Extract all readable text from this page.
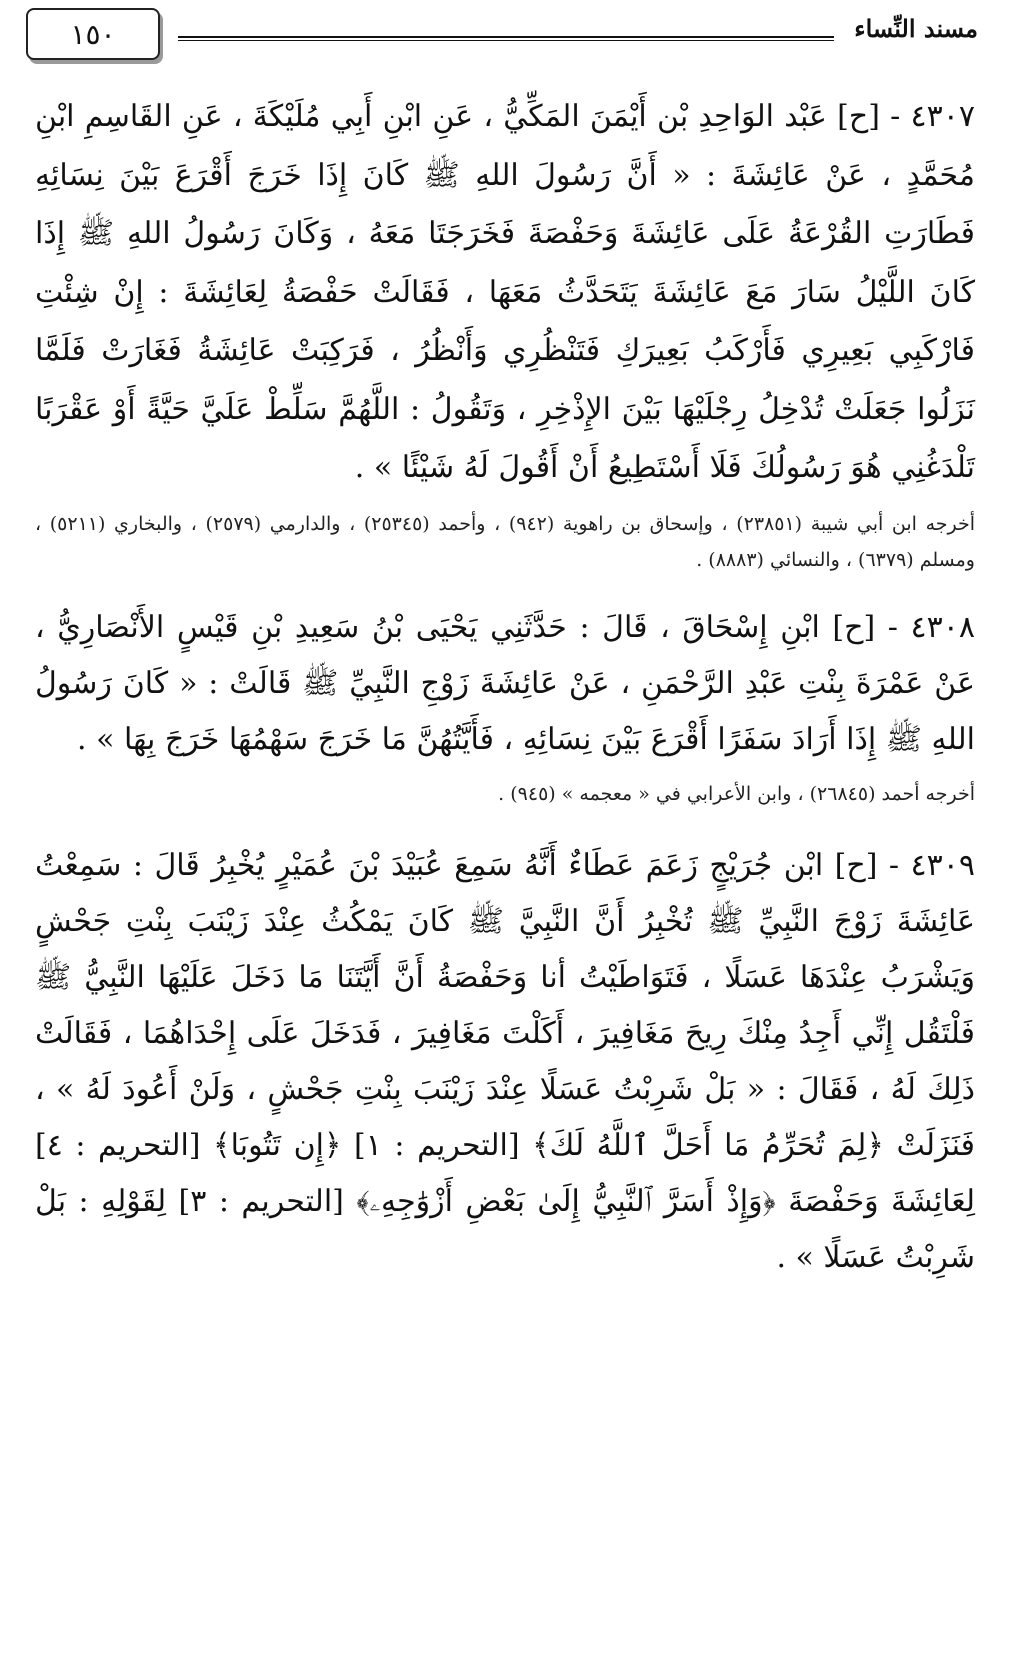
١٥٠	مسند النِّساء

٤٣٠٧ - [ح] عَبْد الوَاحِدِ بْن أَيْمَنَ المَكِّيُّ ، عَنِ ابْنِ أَبِي مُلَيْكَةَ ، عَنِ القَاسِمِ ابْنِ مُحَمَّدٍ ، عَنْ عَائِشَةَ : « أَنَّ رَسُولَ اللهِ ﷺ كَانَ إِذَا خَرَجَ أَقْرَعَ بَيْنَ نِسَائِهِ فَطَارَتِ القُرْعَةُ عَلَى عَائِشَةَ وَحَفْصَةَ فَخَرَجَتَا مَعَهُ ، وَكَانَ رَسُولُ اللهِ ﷺ إِذَا كَانَ اللَّيْلُ سَارَ مَعَ عَائِشَةَ يَتَحَدَّثُ مَعَهَا ، فَقَالَتْ حَفْصَةُ لِعَائِشَةَ : إِنْ شِئْتِ فَارْكَبِي بَعِيرِي فَأَرْكَبُ بَعِيرَكِ فَتَنْظُرِي وَأَنْظُرُ ، فَرَكِبَتْ عَائِشَةُ فَغَارَتْ فَلَمَّا نَزَلُوا جَعَلَتْ تُدْخِلُ رِجْلَيْهَا بَيْنَ الإِذْخِرِ ، وَتَقُولُ : اللَّهُمَّ سَلِّطْ عَلَيَّ حَيَّةً أَوْ عَقْرَبًا تَلْدَغُنِي هُوَ رَسُولُكَ فَلَا أَسْتَطِيعُ أَنْ أَقُولَ لَهُ شَيْئًا » .

أخرجه ابن أبي شيبة (٢٣٨٥١) ، وإسحاق بن راهوية (٩٤٢) ، وأحمد (٢٥٣٤٥) ، والدارمي (٢٥٧٩) ، والبخاري (٥٢١١) ، ومسلم (٦٣٧٩) ، والنسائي (٨٨٨٣) .

٤٣٠٨ - [ح] ابْنِ إِسْحَاقَ ، قَالَ : حَدَّثَنِي يَحْيَى بْنُ سَعِيدِ بْنِ قَيْسٍ الأَنْصَارِيُّ ، عَنْ عَمْرَةَ بِنْتِ عَبْدِ الرَّحْمَنِ ، عَنْ عَائِشَةَ زَوْجِ النَّبِيِّ ﷺ قَالَتْ : « كَانَ رَسُولُ اللهِ ﷺ إِذَا أَرَادَ سَفَرًا أَقْرَعَ بَيْنَ نِسَائِهِ ، فَأَيَّتُهُنَّ مَا خَرَجَ سَهْمُهَا خَرَجَ بِهَا » .

أخرجه أحمد (٢٦٨٤٥) ، وابن الأعرابي في « معجمه » (٩٤٥) .

٤٣٠٩ - [ح] ابْن جُرَيْجٍ زَعَمَ عَطَاءٌ أَنَّهُ سَمِعَ عُبَيْدَ بْنَ عُمَيْرٍ يُخْبِرُ قَالَ : سَمِعْتُ عَائِشَةَ زَوْجَ النَّبِيِّ ﷺ تُخْبِرُ أَنَّ النَّبِيَّ ﷺ كَانَ يَمْكُثُ عِنْدَ زَيْنَبَ بِنْتِ جَحْشٍ وَيَشْرَبُ عِنْدَهَا عَسَلًا ، فَتَوَاطَيْتُ أنا وَحَفْصَةُ أَنَّ أَيَّتَنَا مَا دَخَلَ عَلَيْهَا النَّبِيُّ ﷺ فَلْتَقُل إِنِّي أَجِدُ مِنْكَ رِيحَ مَغَافِيرَ ، أَكَلْتَ مَغَافِيرَ ، فَدَخَلَ عَلَى إِحْدَاهُمَا ، فَقَالَتْ ذَلِكَ لَهُ ، فَقَالَ : « بَلْ شَرِبْتُ عَسَلًا عِنْدَ زَيْنَبَ بِنْتِ جَحْشٍ ، وَلَنْ أَعُودَ لَهُ » ، فَنَزَلَتْ ﴿لِمَ تُحَرِّمُ مَا أَحَلَّ ٱللَّهُ لَكَ﴾ [التحريم : ١] ﴿إِن تَتُوبَا﴾ [التحريم : ٤] لِعَائِشَةَ وَحَفْصَةَ ﴿وَإِذْ أَسَرَّ ٱلنَّبِيُّ إِلَىٰ بَعْضِ أَزْوَٰجِهِۦ﴾ [التحريم : ٣] لِقَوْلِهِ : بَلْ شَرِبْتُ عَسَلًا » .
